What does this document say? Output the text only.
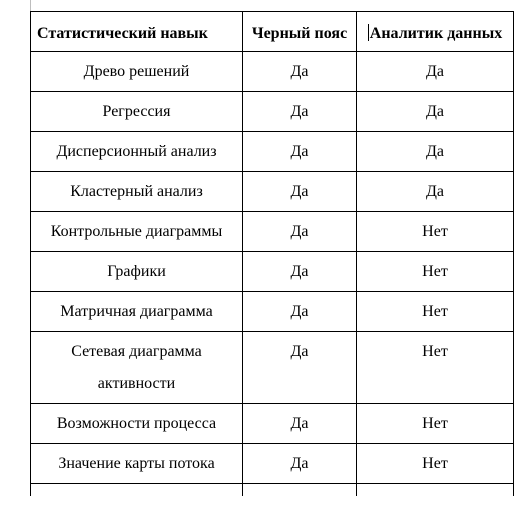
Статистический навык	Черный пояс	Аналитик данных
Древо решений	Да	Да
Регрессия	Да	Да
Дисперсионный анализ	Да	Да
Кластерный анализ	Да	Да
Контрольные диаграммы	Да	Нет
Графики	Да	Нет
Матричная диаграмма	Да	Нет
Сетевая диаграмма активности	Да	Нет
Возможности процесса	Да	Нет
Значение карты потока	Да	Нет
